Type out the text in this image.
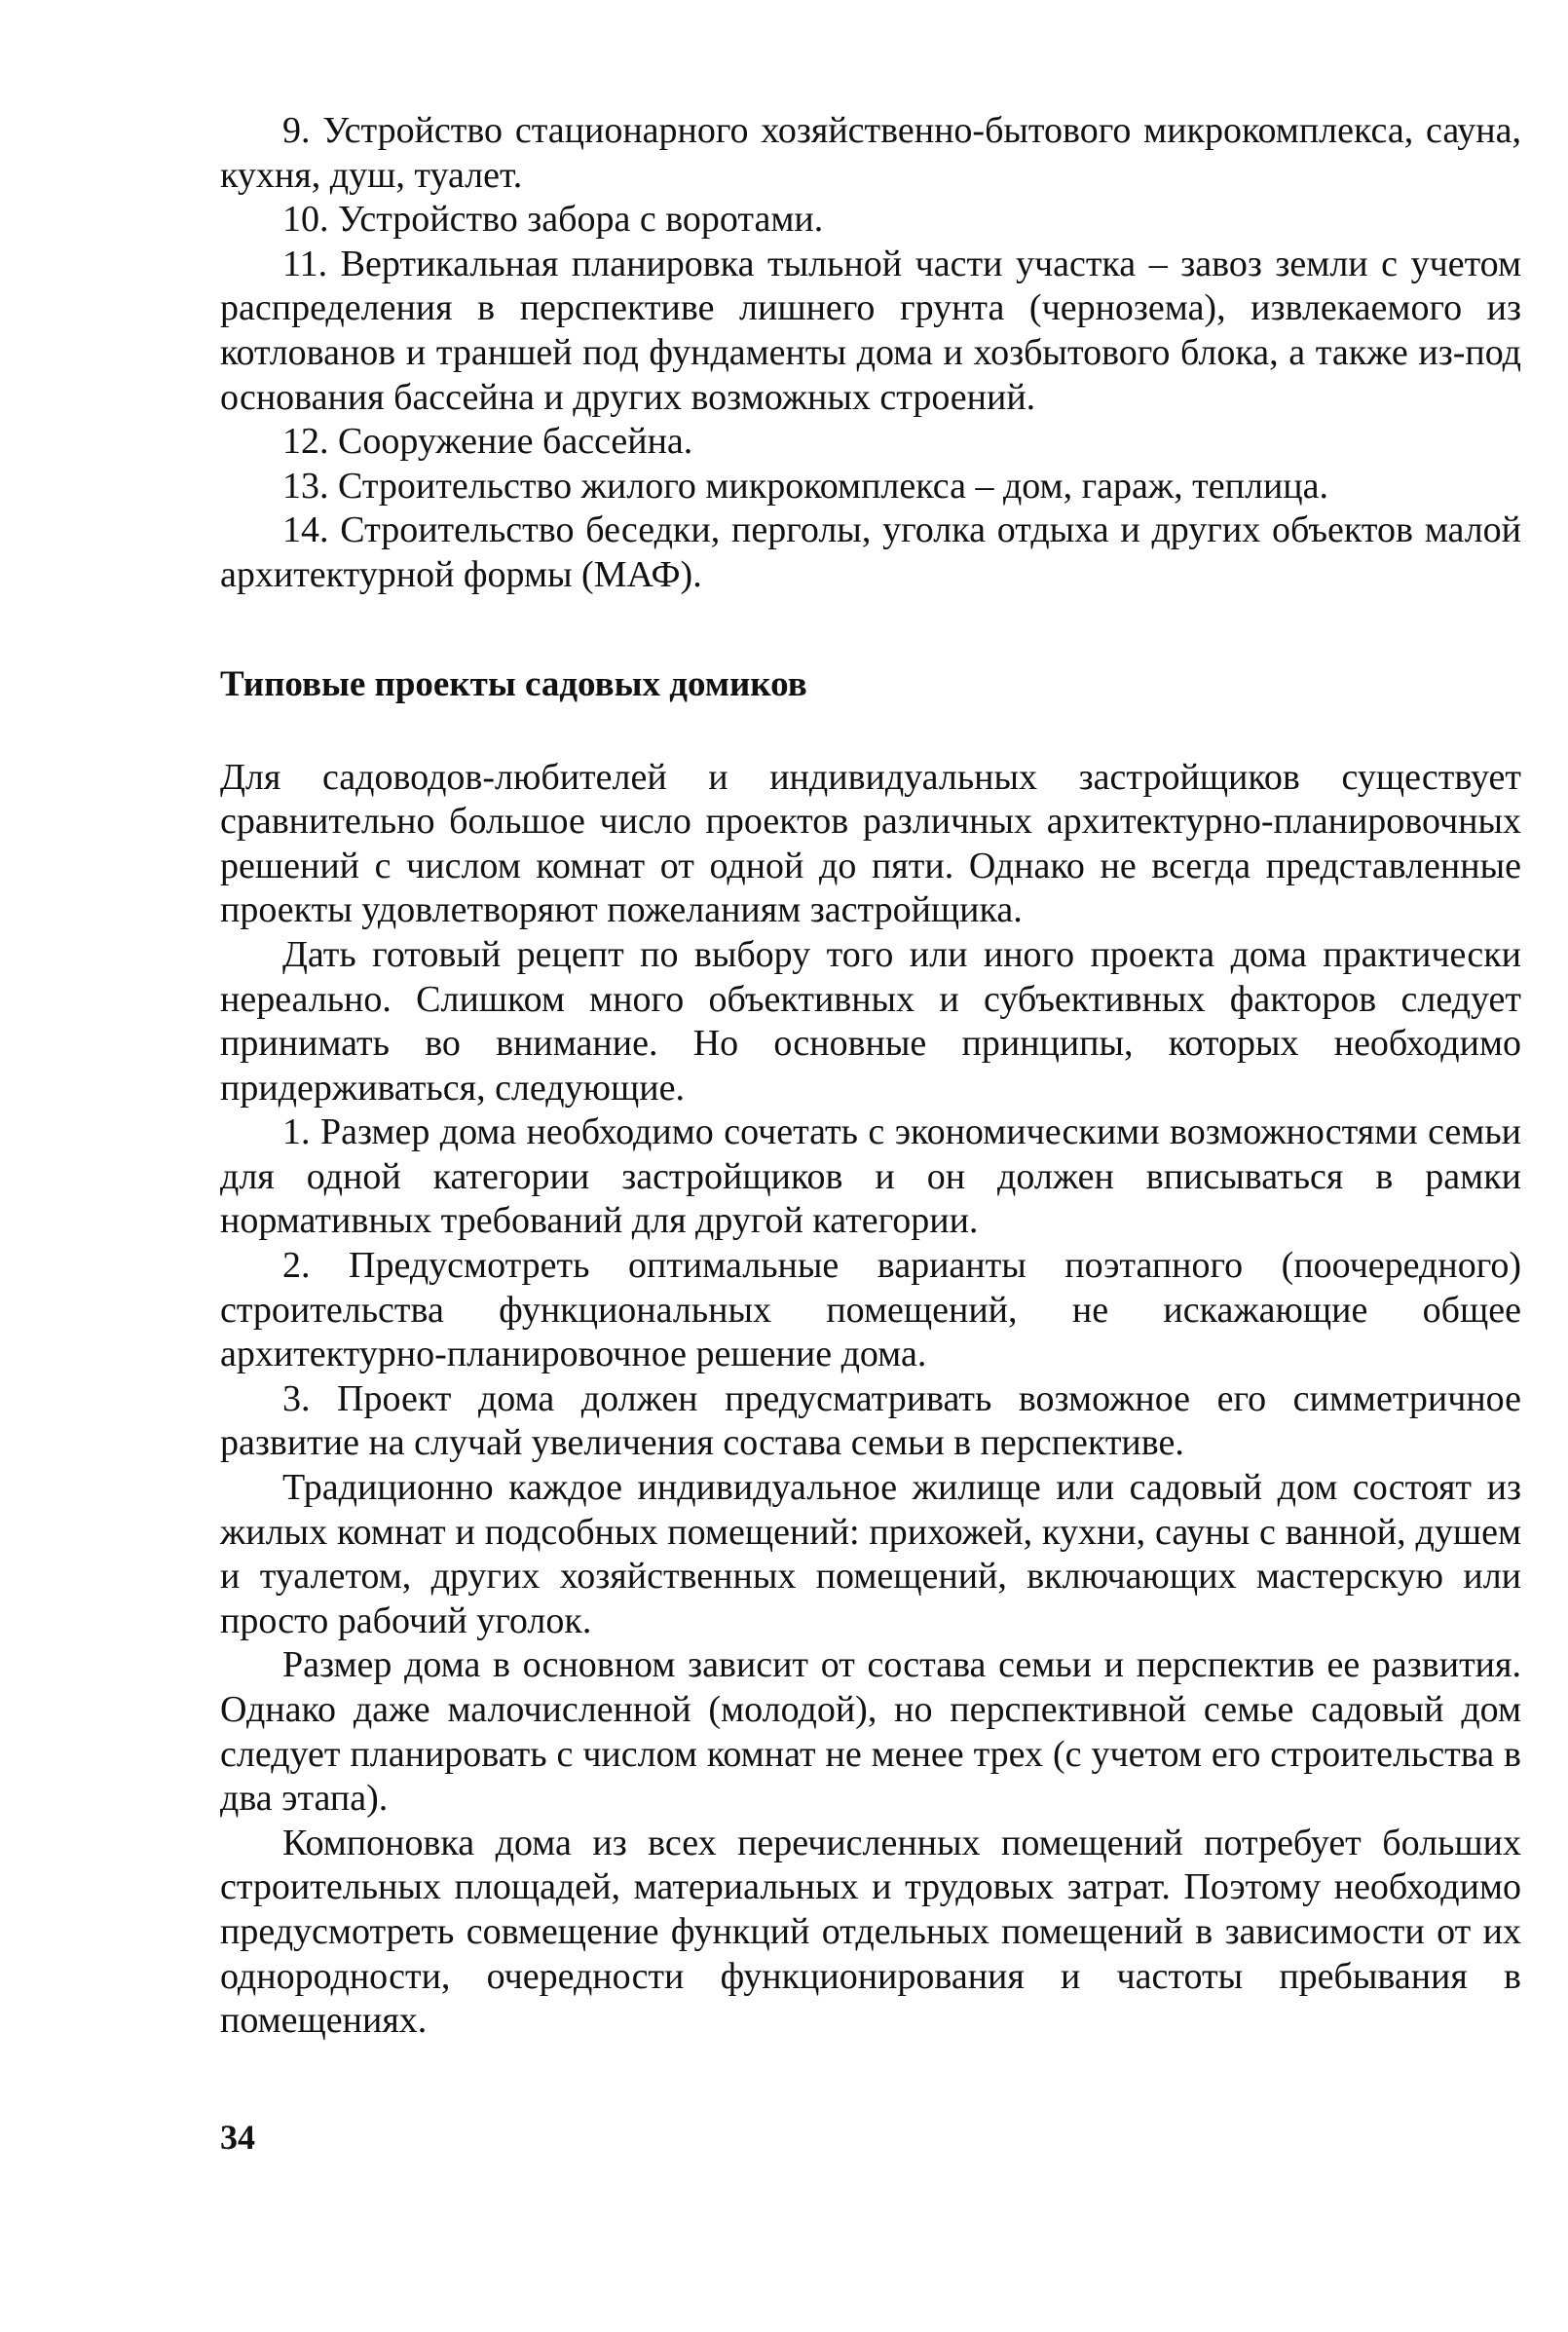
9. Устройство стационарного хозяйственно-бытового микрокомплекса, сауна, кухня, душ, туалет.

10. Устройство забора с воротами.

11. Вертикальная планировка тыльной части участка – завоз земли с учетом распределения в перспективе лишнего грунта (чернозема), извлекаемого из котлованов и траншей под фундаменты дома и хозбытового блока, а также из-под основания бассейна и других возможных строений.

12. Сооружение бассейна.

13. Строительство жилого микрокомплекса – дом, гараж, теплица.

14. Строительство беседки, перголы, уголка отдыха и других объектов малой архитектурной формы (МАФ).

Типовые проекты садовых домиков

Для садоводов-любителей и индивидуальных застройщиков существует сравнительно большое число проектов различных архитектурно-планировочных решений с числом комнат от одной до пяти. Однако не всегда представленные проекты удовлетворяют пожеланиям застройщика.

Дать готовый рецепт по выбору того или иного проекта дома практически нереально. Слишком много объективных и субъективных факторов следует принимать во внимание. Но основные принципы, которых необходимо придерживаться, следующие.

1. Размер дома необходимо сочетать с экономическими возможностями семьи для одной категории застройщиков и он должен вписываться в рамки нормативных требований для другой категории.

2. Предусмотреть оптимальные варианты поэтапного (поочередного) строительства функциональных помещений, не искажающие общее архитектурно-планировочное решение дома.

3. Проект дома должен предусматривать возможное его симметричное развитие на случай увеличения состава семьи в перспективе.

Традиционно каждое индивидуальное жилище или садовый дом состоят из жилых комнат и подсобных помещений: прихожей, кухни, сауны с ванной, душем и туалетом, других хозяйственных помещений, включающих мастерскую или просто рабочий уголок.

Размер дома в основном зависит от состава семьи и перспектив ее развития. Однако даже малочисленной (молодой), но перспективной семье садовый дом следует планировать с числом комнат не менее трех (с учетом его строительства в два этапа).

Компоновка дома из всех перечисленных помещений потребует больших строительных площадей, материальных и трудовых затрат. Поэтому необходимо предусмотреть совмещение функций отдельных помещений в зависимости от их однородности, очередности функционирования и частоты пребывания в помещениях.

34
